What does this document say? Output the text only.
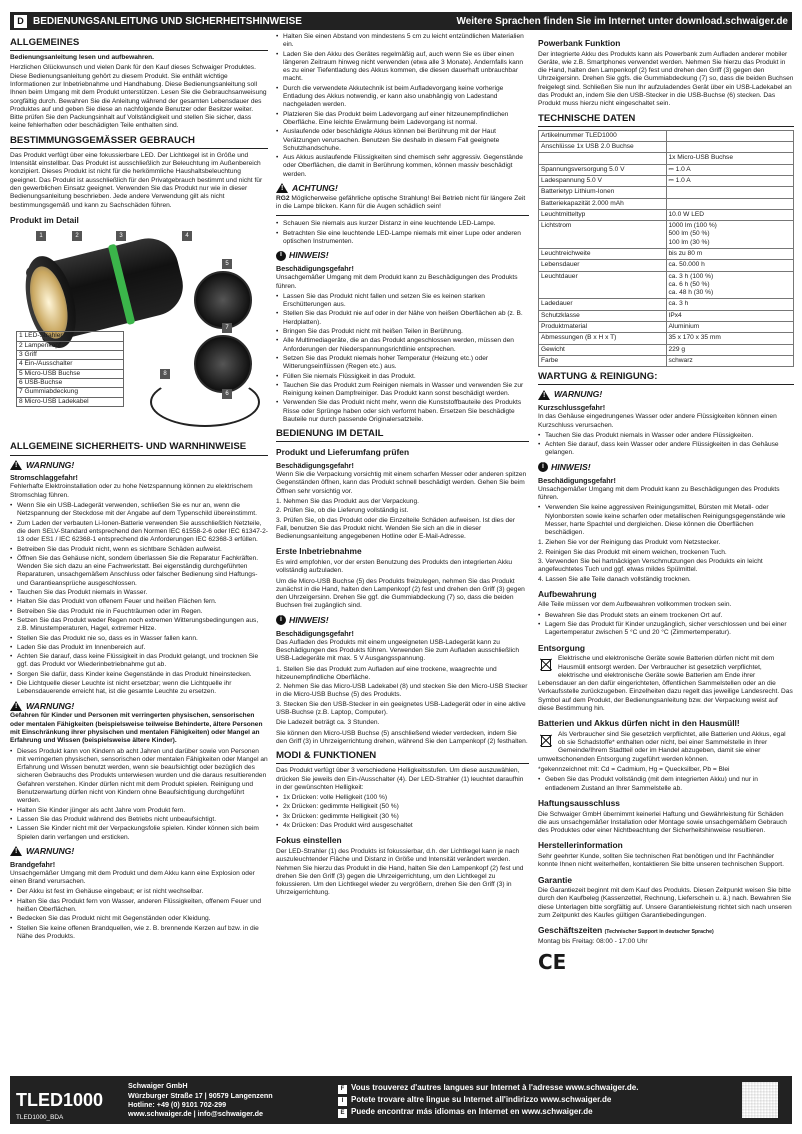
D BEDIENUNGSANLEITUNG UND SICHERHEITSHINWEISE	Weitere Sprachen finden Sie im Internet unter download.schwaiger.de
ALLGEMEINES

Bedienungsanleitung lesen und aufbewahren.

Herzlichen Glückwunsch und vielen Dank für den Kauf dieses Schwaiger Produktes. Diese Bedienungsanleitung gehört zu diesem Produkt. Sie enthält wichtige Informationen zur Inbetriebnahme und Handhabung. Diese Bedienungsanleitung soll Ihnen beim Umgang mit dem Produkt unterstützen. Lesen Sie die Gebrauchsanweisung sorgfältig durch. Bewahren Sie die Anleitung während der gesamten Lebensdauer des Produktes auf und geben Sie diese an nachfolgende Benutzer oder Besitzer weiter. Bitte prüfen Sie den Packungsinhalt auf Vollständigkeit und stellen Sie sicher, dass keine fehlerhaften oder beschädigten Teile enthalten sind.

BESTIMMUNGSGEMÄSSER GEBRAUCH

Das Produkt verfügt über eine fokussierbare LED. Der Lichtkegel ist in Größe und Intensität einstellbar. Das Produkt ist ausschließlich zur Beleuchtung im Außenbereich konzipiert. Dieses Produkt ist nicht für die herkömmliche Haushaltsbeleuchtung geeignet. Das Produkt ist ausschließlich für den Privatgebrauch bestimmt und nicht für den gewerblichen Einsatz geeignet. Verwenden Sie das Produkt nur wie in dieser Bedienungsanleitung beschrieben. Jede andere Verwendung gilt als nicht bestimmungsgemäß und kann zu Sachschäden führen.

Produkt im Detail
1	2	3	4
5
6
7
8
1 LED-Strahler
2 Lampenkopf
3 Griff
4 Ein-/Ausschalter
5 Micro-USB Buchse
6 USB-Buchse
7 Gummiabdeckung
8 Micro-USB Ladekabel
ALLGEMEINE SICHERHEITS- UND WARNHINWEISE
! WARNUNG!
Stromschlaggefahr!

Fehlerhafte Elektroinstallation oder zu hohe Netzspannung können zu elektrischem Stromschlag führen.

• Wenn Sie ein USB-Ladegerät verwenden, schließen Sie es nur an, wenn die Netzspannung der Steckdose mit der Angabe auf dem Typenschild übereinstimmt.
• Zum Laden der verbauten Li-Ionen-Batterie verwenden Sie ausschließlich Netzteile, die dem SELV-Standard entsprechend den Normen IEC 61558-2-6 oder IEC 61347-2-13 oder ES1 / IEC 62368-1 entsprechend die Anforderungen IEC 62368-3 erfüllen.
• Betreiben Sie das Produkt nicht, wenn es sichtbare Schäden aufweist.
• Öffnen Sie das Gehäuse nicht, sondern überlassen Sie die Reparatur Fachkräften. Wenden Sie sich dazu an eine Fachwerkstatt. Bei eigenständig durchgeführten Reparaturen, unsachgemäßem Anschluss oder falscher Bedienung sind Haftungs- und Garantieansprüche ausgeschlossen.
• Tauchen Sie das Produkt niemals in Wasser.
• Halten Sie das Produkt von offenem Feuer und heißen Flächen fern.
• Betreiben Sie das Produkt nie in Feuchträumen oder im Regen.
• Setzen Sie das Produkt weder Regen noch extremen Witterungsbedingungen aus, z.B. Minustemperaturen, Hagel, extremer Hitze.
• Stellen Sie das Produkt nie so, dass es in Wasser fallen kann.
• Laden Sie das Produkt im Innenbereich auf.
• Achten Sie darauf, dass keine Flüssigkeit in das Produkt gelangt, und trocknen Sie ggf. das Produkt vor Wiederinbetriebnahme gut ab.
• Sorgen Sie dafür, dass Kinder keine Gegenstände in das Produkt hineinstecken.
• Die Lichtquelle dieser Leuchte ist nicht ersetzbar; wenn die Lichtquelle ihr Lebensdauerende erreicht hat, ist die gesamte Leuchte zu ersetzen.
! WARNUNG!

Gefahren für Kinder und Personen mit verringerten physischen, sensorischen oder mentalen Fähigkeiten (beispielsweise teilweise Behinderte, ältere Personen mit Einschränkung ihrer physischen und mentalen Fähigkeiten) oder Mangel an Erfahrung und Wissen (beispielsweise ältere Kinder).

• Dieses Produkt kann von Kindern ab acht Jahren und darüber sowie von Personen mit verringerten physischen, sensorischen oder mentalen Fähigkeiten oder Mangel an Erfahrung und Wissen benutzt werden, wenn sie beaufsichtigt oder bezüglich des sicheren Gebrauchs des Produkts unterwiesen wurden und die daraus resultierenden Gefahren verstehen. Kinder dürfen nicht mit dem Produkt spielen. Reinigung und Benutzerwartung dürfen nicht von Kindern ohne Beaufsichtigung durchgeführt werden.
• Halten Sie Kinder jünger als acht Jahre vom Produkt fern.
• Lassen Sie das Produkt während des Betriebs nicht unbeaufsichtigt.
• Lassen Sie Kinder nicht mit der Verpackungsfolie spielen. Kinder können sich beim Spielen darin verfangen und ersticken.
! WARNUNG!
Brandgefahr!

Unsachgemäßer Umgang mit dem Produkt und dem Akku kann eine Explosion oder einen Brand verursachen.

• Der Akku ist fest im Gehäuse eingebaut; er ist nicht wechselbar.
• Halten Sie das Produkt fern von Wasser, anderen Flüssigkeiten, offenem Feuer und heißen Oberflächen.
• Bedecken Sie das Produkt nicht mit Gegenständen oder Kleidung.
• Stellen Sie keine offenen Brandquellen, wie z. B. brennende Kerzen auf bzw. in die Nähe des Produkts.
• Halten Sie einen Abstand von mindestens 5 cm zu leicht entzündlichen Materialien ein.
• Laden Sie den Akku des Gerätes regelmäßig auf, auch wenn Sie es über einen längeren Zeitraum hinweg nicht verwenden (etwa alle 3 Monate). Andernfalls kann es zu einer Tiefentladung des Akkus kommen, die diesen dauerhaft unbrauchbar macht.
• Durch die verwendete Akkutechnik ist beim Aufladevorgang keine vorherige Entladung des Akkus notwendig, er kann also unabhängig von Ladestand nachgeladen werden.
• Platzieren Sie das Produkt beim Ladevorgang auf einer hitzeunempfindlichen Oberfläche. Eine leichte Erwärmung beim Ladevorgang ist normal.
• Auslaufende oder beschädigte Akkus können bei Berührung mit der Haut Verätzungen verursachen. Benutzen Sie deshalb in diesem Fall geeignete Schutzhandschuhe.
• Aus Akkus auslaufende Flüssigkeiten sind chemisch sehr aggressiv. Gegenstände oder Oberflächen, die damit in Berührung kommen, können massiv beschädigt werden.
! ACHTUNG!

RG2 Möglicherweise gefährliche optische Strahlung! Bei Betrieb nicht für längere Zeit in die Lampe blicken. Kann für die Augen schädlich sein!

• Schauen Sie niemals aus kurzer Distanz in eine leuchtende LED-Lampe.
• Betrachten Sie eine leuchtende LED-Lampe niemals mit einer Lupe oder anderen optischen Instrumenten.
i HINWEIS!
Beschädigungsgefahr!

Unsachgemäßer Umgang mit dem Produkt kann zu Beschädigungen des Produkts führen.

• Lassen Sie das Produkt nicht fallen und setzen Sie es keinen starken Erschütterungen aus.
• Stellen Sie das Produkt nie auf oder in der Nähe von heißen Oberflächen ab (z. B. Herdplatten).
• Bringen Sie das Produkt nicht mit heißen Teilen in Berührung.
• Alle Multimediageräte, die an das Produkt angeschlossen werden, müssen den Anforderungen der Niederspannungsrichtlinie entsprechen.
• Setzen Sie das Produkt niemals hoher Temperatur (Heizung etc.) oder Witterungseinflüssen (Regen etc.) aus.
• Füllen Sie niemals Flüssigkeit in das Produkt.
• Tauchen Sie das Produkt zum Reinigen niemals in Wasser und verwenden Sie zur Reinigung keinen Dampfreiniger. Das Produkt kann sonst beschädigt werden.
• Verwenden Sie das Produkt nicht mehr, wenn die Kunststoffbauteile des Produkts Risse oder Sprünge haben oder sich verformt haben. Ersetzen Sie beschädigte Bauteile nur durch passende Originalersatzteile.
BEDIENUNG IM DETAIL
Produkt und Lieferumfang prüfen
Beschädigungsgefahr!

Wenn Sie die Verpackung vorsichtig mit einem scharfen Messer oder anderen spitzen Gegenständen öffnen, kann das Produkt schnell beschädigt werden. Gehen Sie beim Öffnen sehr vorsichtig vor.

1. Nehmen Sie das Produkt aus der Verpackung.
2. Prüfen Sie, ob die Lieferung vollständig ist.
3. Prüfen Sie, ob das Produkt oder die Einzelteile Schäden aufweisen. Ist dies der Fall, benutzen Sie das Produkt nicht. Wenden Sie sich an die in dieser Bedienungsanleitung angegebenen Hotline oder E-Mail-Adresse.
Erste Inbetriebnahme

Es wird empfohlen, vor der ersten Benutzung des Produkts den integrierten Akku vollständig aufzuladen.

Um die Micro-USB Buchse (5) des Produkts freizulegen, nehmen Sie das Produkt zunächst in die Hand, halten den Lampenkopf (2) fest und drehen den Griff (3) gegen den Uhrzeigersinn. Drehen Sie ggf. die Gummiabdeckung (7) so, dass die beiden Buchsen frei zugänglich sind.

i HINWEIS!
Beschädigungsgefahr!

Das Aufladen des Produkts mit einem ungeeigneten USB-Ladegerät kann zu Beschädigungen des Produkts führen. Verwenden Sie zum Aufladen ausschließlich USB-Ladegeräte mit max. 5 V Ausgangsspannung.

1. Stellen Sie das Produkt zum Aufladen auf eine trockene, waagrechte und hitzeunempfindliche Oberfläche.
2. Nehmen Sie das Micro-USB Ladekabel (8) und stecken Sie den Micro-USB Stecker in die Micro-USB Buchse (5) des Produkts.
3. Stecken Sie den USB-Stecker in ein geeignetes USB-Ladegerät oder in eine aktive USB-Buchse (z.B. Laptop, Computer).

Die Ladezeit beträgt ca. 3 Stunden.

Sie können den Micro-USB Buchse (5) anschließend wieder verdecken, indem Sie den Griff (3) in Uhrzeigerrichtung drehen, während Sie den Lampenkopf (2) festhalten.

MODI & FUNKTIONEN

Das Produkt verfügt über 3 verschiedene Helligkeitsstufen. Um diese auszuwählen, drücken Sie jeweils den Ein-/Ausschalter (4). Der LED-Strahler (1) leuchtet daraufhin in der gewünschten Helligkeit:

• 1x Drücken: volle Helligkeit (100 %)
• 2x Drücken: gedimmte Helligkeit (50 %)
• 3x Drücken: gedimmte Helligkeit (30 %)
• 4x Drücken: Das Produkt wird ausgeschaltet
Fokus einstellen

Der LED-Strahler (1) des Produkts ist fokussierbar, d.h. der Lichtkegel kann je nach auszuleuchtender Fläche und Distanz in Größe und Intensität verändert werden. Nehmen Sie hierzu das Produkt in die Hand, halten Sie den Lampenkopf (2) fest und drehen Sie den Griff (3) gegen die Uhrzeigerrichtung, um den Lichtkegel zu fokussieren. Um den Lichtkegel wieder zu vergrößern, drehen Sie den Griff (3) in Uhrzeigerrichtung.

Powerbank Funktion

Der integrierte Akku des Produkts kann als Powerbank zum Aufladen anderer mobiler Geräte, wie z.B. Smartphones verwendet werden. Nehmen Sie hierzu das Produkt in die Hand, halten den Lampenkopf (2) fest und drehen den Griff (3) gegen den Uhrzeigersinn. Drehen Sie ggfs. die Gummiabdeckung (7) so, dass die beiden Buchsen freigelegt sind. Schließen Sie nun Ihr aufzuladendes Gerät über ein USB-Ladekabel an das Produkt an, indem Sie den USB-Stecker in die USB-Buchse (6) stecken. Das Produkt muss hierzu nicht eingeschaltet sein.

TECHNISCHE DATEN
Artikelnummer TLED1000	
Anschlüsse 1x USB 2.0 Buchse	
	1x Micro-USB Buchse
Spannungsversorgung 5.0 V	⎓ 1.0 A
Ladespannung 5.0 V	⎓ 1.0 A
Batterietyp Lithium-Ionen	
Batteriekapazität 2.000 mAh	
Leuchtmitteltyp	10.0 W LED
Lichtstrom	1000 lm (100 %)
500 lm (50 %)
100 lm (30 %)
Leuchtreichweite	bis zu 80 m
Lebensdauer	ca. 50.000 h
Leuchtdauer	ca. 3 h (100 %)
ca. 6 h (50 %)
ca. 48 h (30 %)
Ladedauer	ca. 3 h
Schutzklasse	IPx4
Produktmaterial	Aluminium
Abmessungen (B x H x T)	35 x 170 x 35 mm
Gewicht	229 g
Farbe	schwarz
WARTUNG & REINIGUNG:
! WARNUNG!
Kurzschlussgefahr!

In das Gehäuse eingedrungenes Wasser oder andere Flüssigkeiten können einen Kurzschluss verursachen.

• Tauchen Sie das Produkt niemals in Wasser oder andere Flüssigkeiten.
• Achten Sie darauf, dass kein Wasser oder andere Flüssigkeiten in das Gehäuse gelangen.
i HINWEIS!
Beschädigungsgefahr!

Unsachgemäßer Umgang mit dem Produkt kann zu Beschädigungen des Produkts führen.

• Verwenden Sie keine aggressiven Reinigungsmittel, Bürsten mit Metall- oder Nylonborsten sowie keine scharfen oder metallischen Reinigungsgegenstände wie Messer, harte Spachtel und dergleichen. Diese können die Oberflächen beschädigen.
1. Ziehen Sie vor der Reinigung das Produkt vom Netzstecker.
2. Reinigen Sie das Produkt mit einem weichen, trockenen Tuch.
3. Verwenden Sie bei hartnäckigen Verschmutzungen des Produkts ein leicht angefeuchtetes Tuch und ggf. etwas mildes Spülmittel.
4. Lassen Sie alle Teile danach vollständig trocknen.
Aufbewahrung

Alle Teile müssen vor dem Aufbewahren vollkommen trocken sein.

• Bewahren Sie das Produkt stets an einem trockenen Ort auf.
• Lagern Sie das Produkt für Kinder unzugänglich, sicher verschlossen und bei einer Lagertemperatur zwischen 5 °C und 20 °C (Zimmertemperatur).
Entsorgung

Elektrische und elektronische Geräte sowie Batterien dürfen nicht mit dem Hausmüll entsorgt werden. Der Verbraucher ist gesetzlich verpflichtet, elektrische und elektronische Geräte sowie Batterien am Ende ihrer Lebensdauer an den dafür eingerichteten, öffentlichen Sammelstellen oder an die Verkaufsstelle zurückzugeben. Einzelheiten dazu regelt das jeweilige Landesrecht. Das Symbol auf dem Produkt, der Bedienungsanleitung bzw. der Verpackung weist auf diese Bestimmung hin.

Batterien und Akkus dürfen nicht in den Hausmüll!

Als Verbraucher sind Sie gesetzlich verpflichtet, alle Batterien und Akkus, egal ob sie Schadstoffe* enthalten oder nicht, bei einer Sammelstelle in Ihrer Gemeinde/Ihrem Stadtteil oder im Handel abzugeben, damit sie einer umweltschonenden Entsorgung zugeführt werden können.

*gekennzeichnet mit: Cd = Cadmium, Hg = Quecksilber, Pb = Blei

• Geben Sie das Produkt vollständig (mit dem integrierten Akku) und nur in entladenem Zustand an Ihrer Sammelstelle ab.
Haftungsausschluss

Die Schwaiger GmbH übernimmt keinerlei Haftung und Gewährleistung für Schäden die aus unsachgemäßer Installation oder Montage sowie unsachgemäßem Gebrauch des Produktes oder einer Nichtbeachtung der Sicherheitshinweise resultieren.

Herstellerinformation

Sehr geehrter Kunde, sollten Sie technischen Rat benötigen und Ihr Fachhändler konnte Ihnen nicht weiterhelfen, kontaktieren Sie bitte unseren technischen Support.

Garantie

Die Garantiezeit beginnt mit dem Kauf des Produkts. Diesen Zeitpunkt weisen Sie bitte durch den Kaufbeleg (Kassenzettel, Rechnung, Lieferschein u. ä.) nach. Bewahren Sie diese Unterlagen bitte sorgfältig auf. Unsere Garantieleistung richtet sich nach unseren zum Zeitpunkt des Kaufes gültigen Garantiebedingungen.

Geschäftszeiten (Technischer Support in deutscher Sprache)

Montag bis Freitag: 08:00 - 17:00 Uhr

CE
TLED1000
TLED1000_BDA
Schwaiger GmbH
Würzburger Straße 17 | 90579 Langenzenn
Hotline: +49 (0) 9101 702-299
www.schwaiger.de | info@schwaiger.de
F Vous trouverez d'autres langues sur Internet à l'adresse www.schwaiger.de.
I Potete trovare altre lingue su Internet all'indirizzo www.schwaiger.de
E Puede encontrar más idiomas en Internet en www.schwaiger.de
